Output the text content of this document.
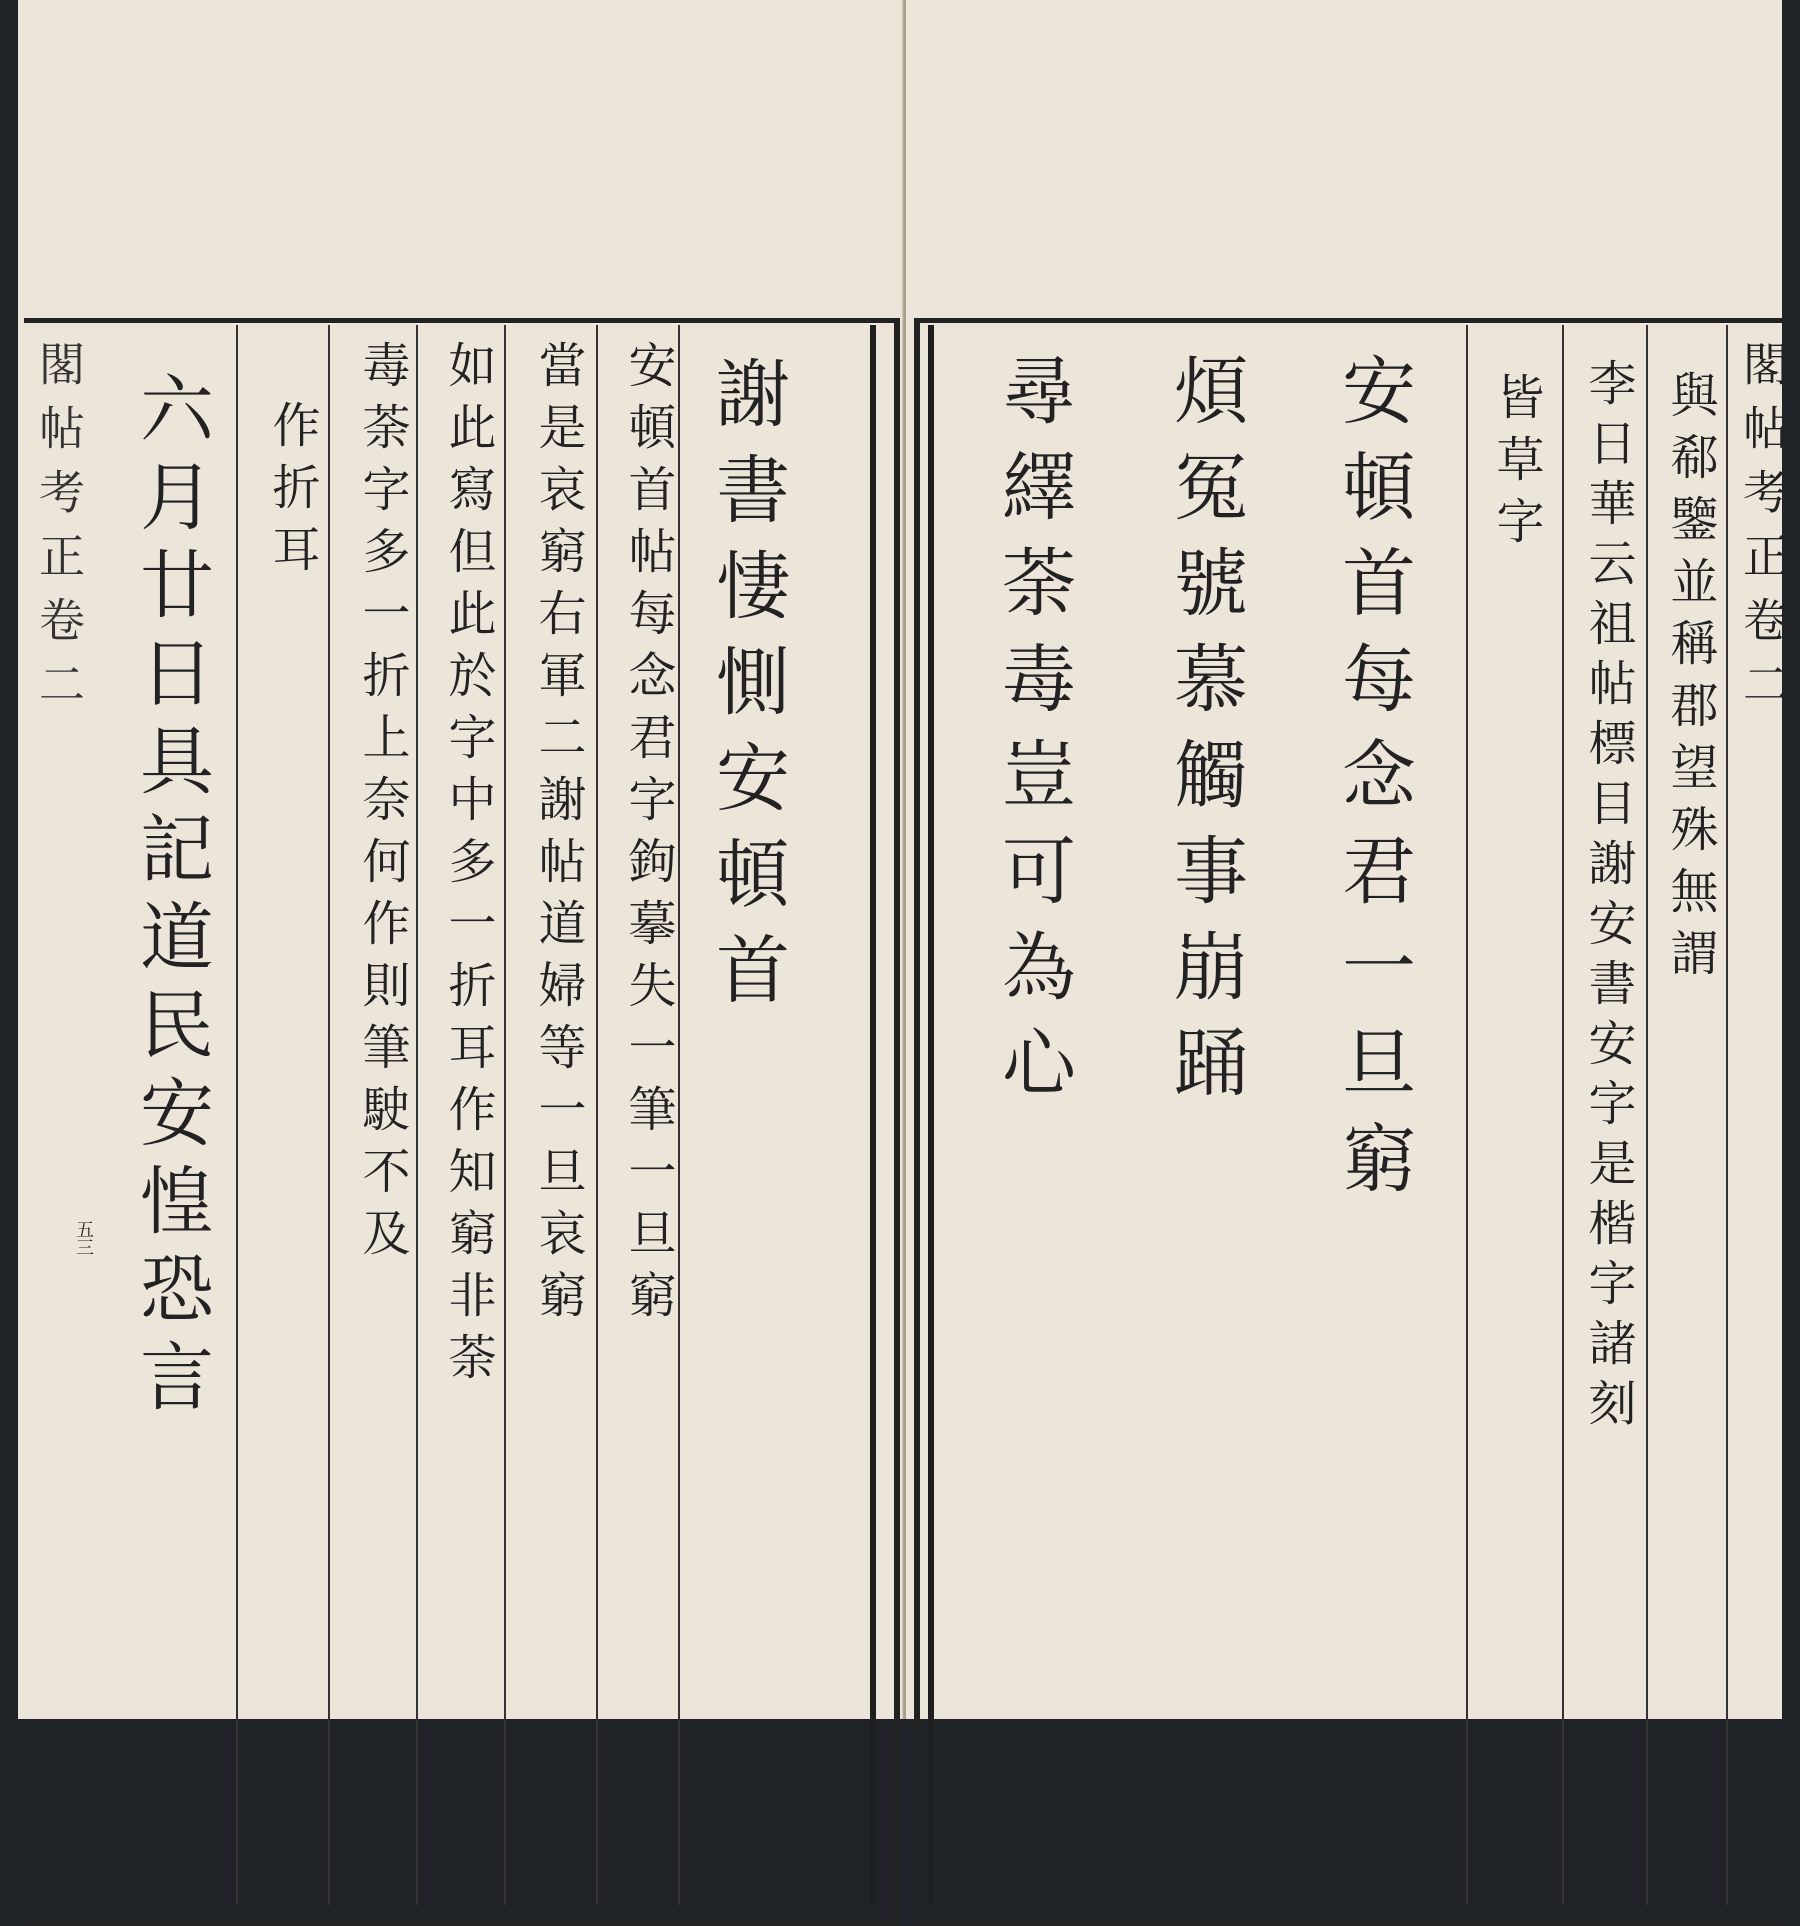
謝書悽惻安頓首
安頓首帖每念君字鉤摹失一筆一旦窮
當是哀窮右軍二謝帖道婦等一旦哀窮
如此寫但此於字中多一折耳作知窮非荼
毒荼字多一折上奈何作則筆駛不及
作折耳
六月廿日具記道民安惶恐言
閣帖考正卷二
五三
閣帖考正卷二
與郗鑒並稱郡望殊無謂
李日華云祖帖標目謝安書安字是楷字諸刻
皆草字
安頓首每念君一旦窮
煩冤號慕觸事崩踊
尋繹荼毒豈可為心
